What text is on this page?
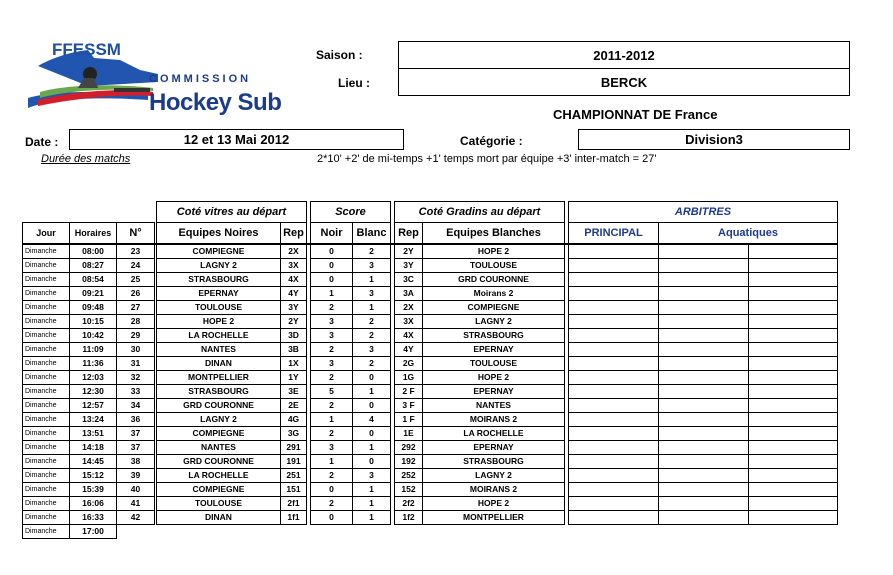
FFESSM
COMMISSION
Hockey Sub
Saison :	2011-2012
Lieu :	BERCK
CHAMPIONNAT DE France
Date :	12 et 13 Mai 2012	Catégorie :	Division3
Durée des matchs	2*10' +2' de mi-temps +1' temps mort par équipe +3' inter-match = 27'
				Coté vitres au départ			Score			Coté Gradins au départ			ARBITRES		
Jour	Horaires	N°		Equipes Noires	Rep		Noir	Blanc		Rep	Equipes Blanches		PRINCIPAL	Aquatiques	
Dimanche	08:00	23		COMPIEGNE	2X		0	2		2Y	HOPE 2				
Dimanche	08:27	24		LAGNY 2	3X		0	3		3Y	TOULOUSE				
Dimanche	08:54	25		STRASBOURG	4X		0	1		3C	GRD COURONNE				
Dimanche	09:21	26		EPERNAY	4Y		1	3		3A	Moirans 2				
Dimanche	09:48	27		TOULOUSE	3Y		2	1		2X	COMPIEGNE				
Dimanche	10:15	28		HOPE 2	2Y		3	2		3X	LAGNY 2				
Dimanche	10:42	29		LA ROCHELLE	3D		3	2		4X	STRASBOURG				
Dimanche	11:09	30		NANTES	3B		2	3		4Y	EPERNAY				
Dimanche	11:36	31		DINAN	1X		3	2		2G	TOULOUSE				
Dimanche	12:03	32		MONTPELLIER	1Y		2	0		1G	HOPE 2				
Dimanche	12:30	33		STRASBOURG	3E		5	1		2 F	EPERNAY				
Dimanche	12:57	34		GRD COURONNE	2E		2	0		3 F	NANTES				
Dimanche	13:24	36		LAGNY 2	4G		1	4		1 F	MOIRANS 2				
Dimanche	13:51	37		COMPIEGNE	3G		2	0		1E	LA ROCHELLE				
Dimanche	14:18	37		NANTES	291		3	1		292	EPERNAY				
Dimanche	14:45	38		GRD COURONNE	191		1	0		192	STRASBOURG				
Dimanche	15:12	39		LA ROCHELLE	251		2	3		252	LAGNY 2				
Dimanche	15:39	40		COMPIEGNE	151		0	1		152	MOIRANS 2				
Dimanche	16:06	41		TOULOUSE	2f1		2	1		2f2	HOPE 2				
Dimanche	16:33	42		DINAN	1f1		0	1		1f2	MONTPELLIER				
Dimanche	17:00														
